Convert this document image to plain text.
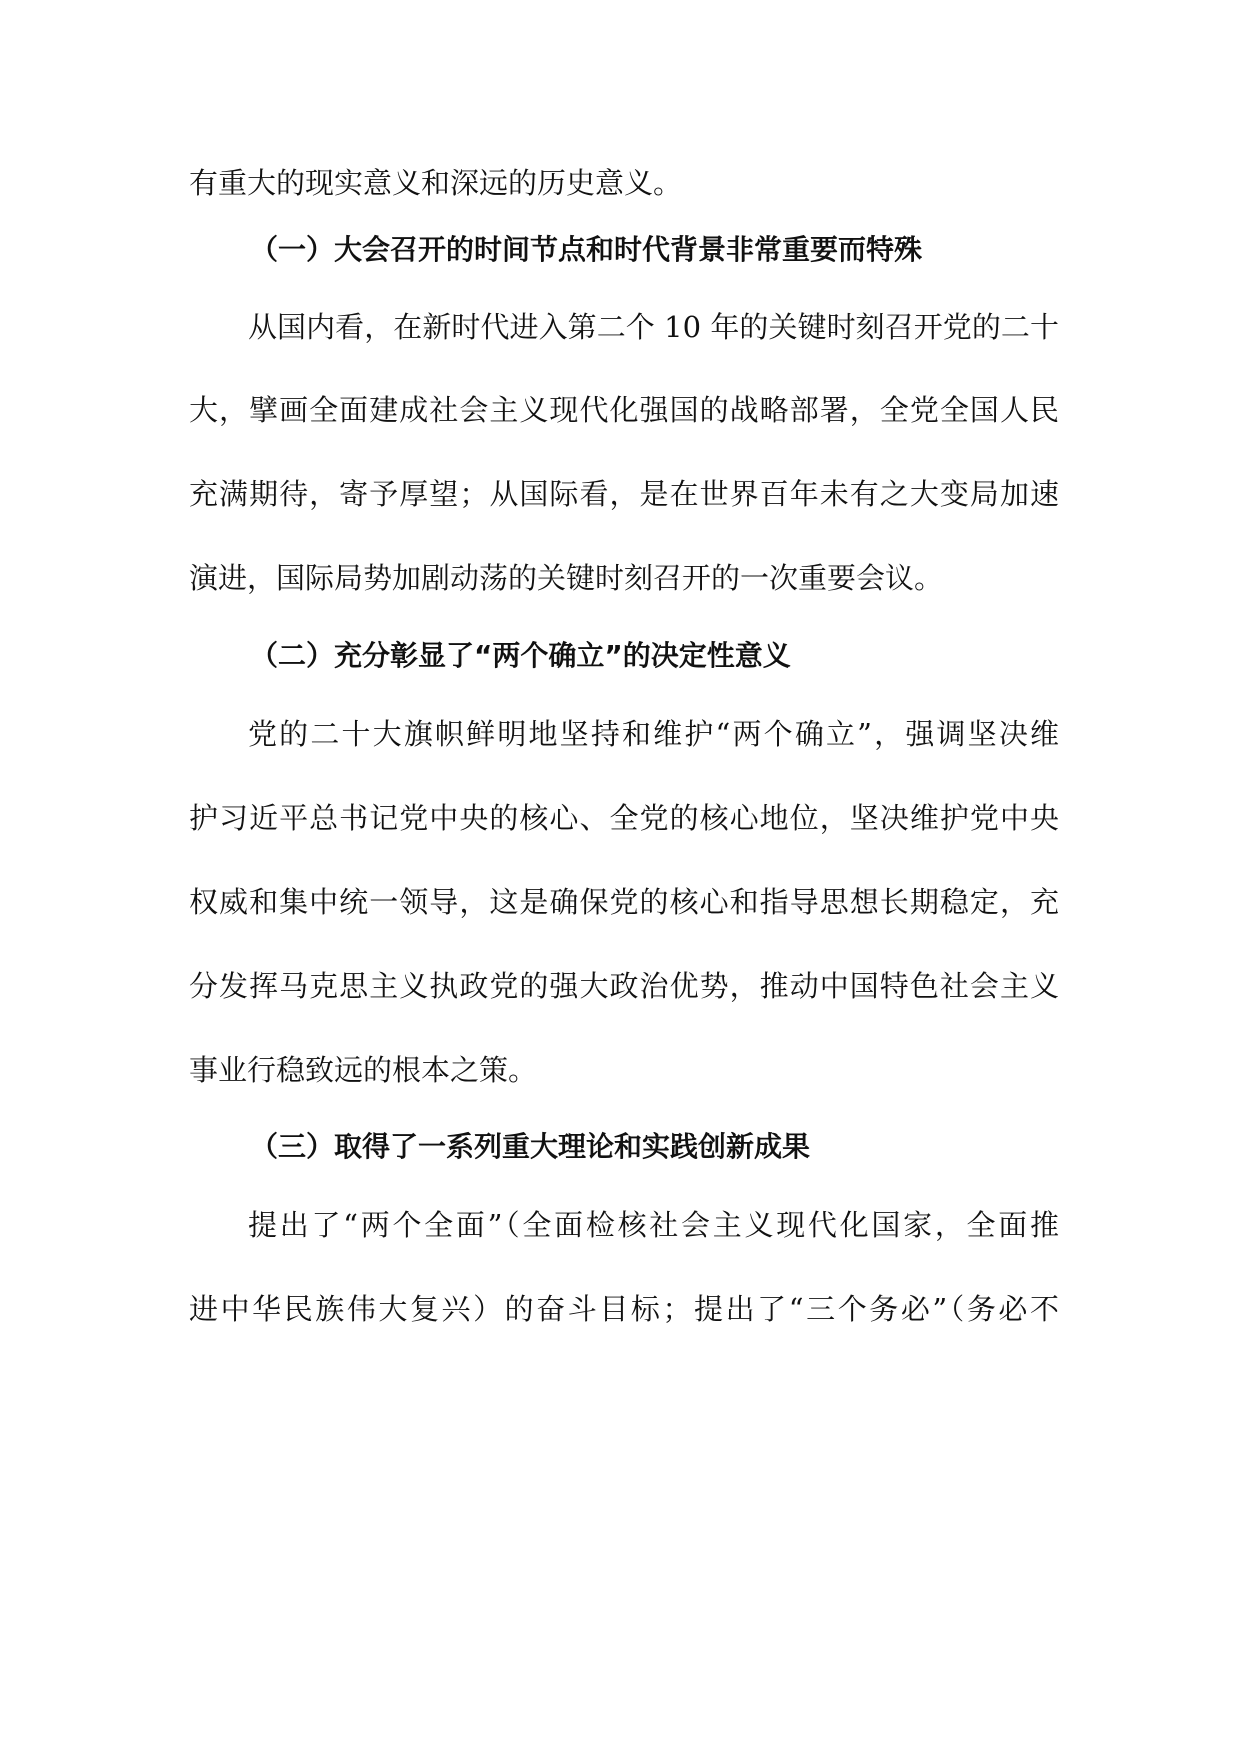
有重大的现实意义和深远的历史意义。

（一）大会召开的时间节点和时代背景非常重要而特殊

从国内看，在新时代进入第二个 10 年的关键时刻召开党的二十

大，擘画全面建成社会主义现代化强国的战略部署，全党全国人民

充满期待，寄予厚望；从国际看，是在世界百年未有之大变局加速

演进，国际局势加剧动荡的关键时刻召开的一次重要会议。

（二）充分彰显了“两个确立”的决定性意义

党的二十大旗帜鲜明地坚持和维护“两个确立”，强调坚决维

护习近平总书记党中央的核心、全党的核心地位，坚决维护党中央

权威和集中统一领导，这是确保党的核心和指导思想长期稳定，充

分发挥马克思主义执政党的强大政治优势，推动中国特色社会主义

事业行稳致远的根本之策。

（三）取得了一系列重大理论和实践创新成果

提出了“两个全面”（全面检核社会主义现代化国家，全面推

进中华民族伟大复兴）的奋斗目标；提出了“三个务必”（务必不
